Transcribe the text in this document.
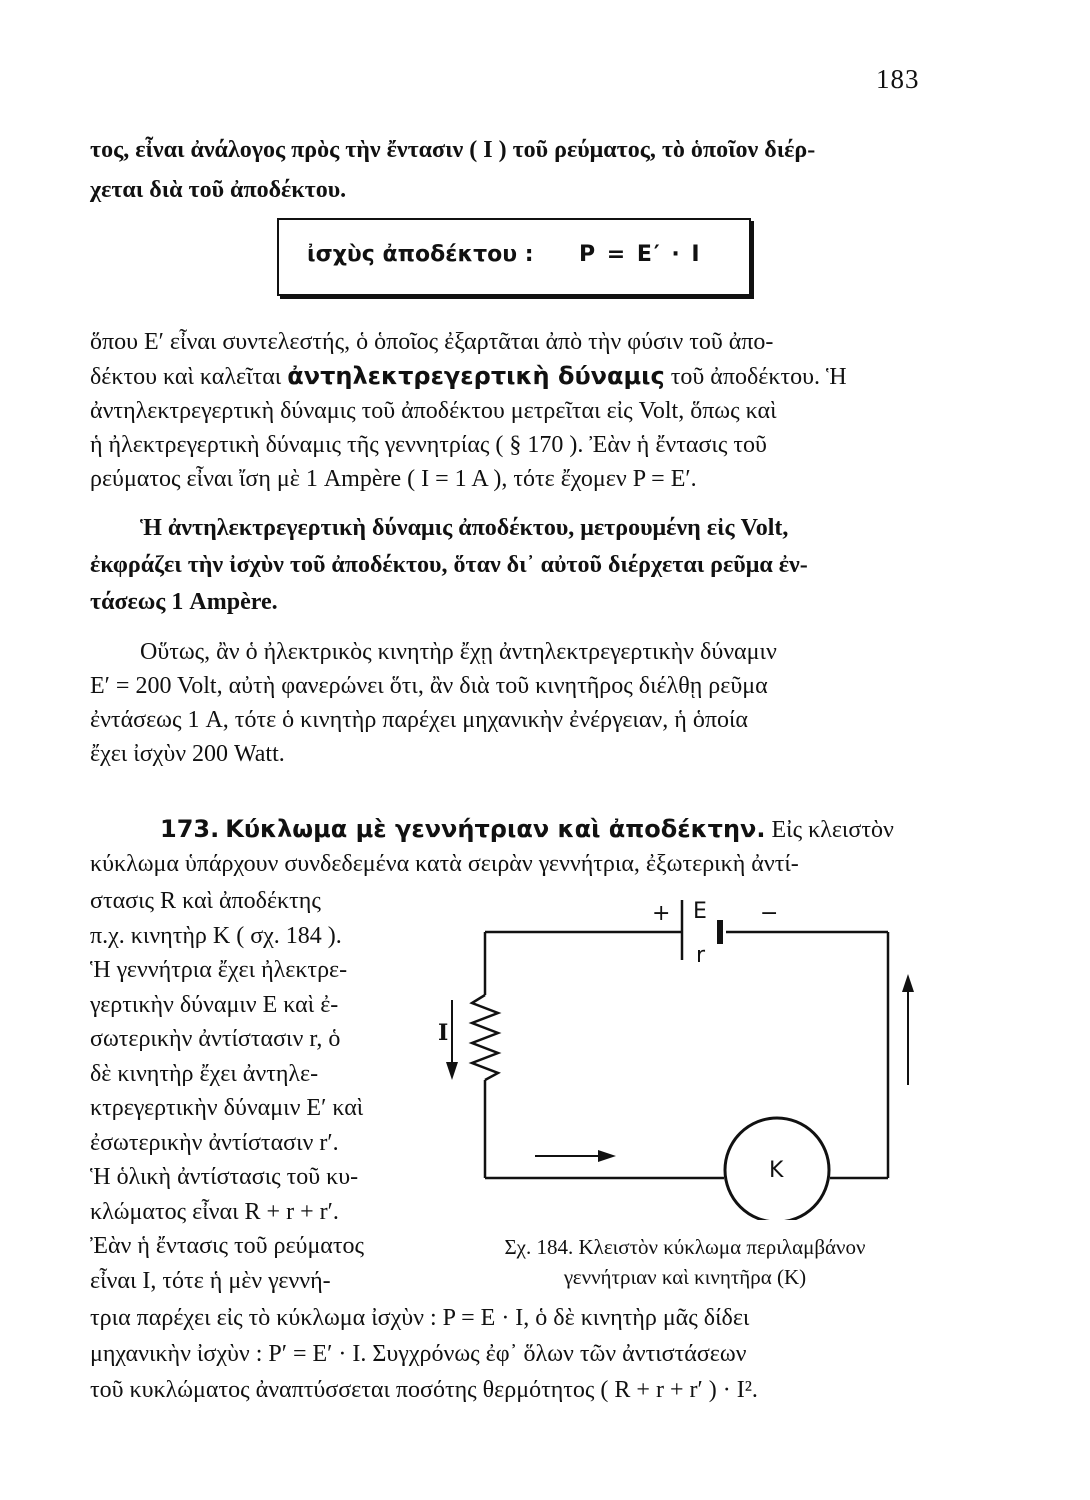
183
τος, εἶναι ἀνάλογος πρὸς τὴν ἔντασιν ( I ) τοῦ ρεύματος, τὸ ὁποῖον διέρ-
χεται διὰ τοῦ ἀποδέκτου.
ἰσχὺς ἀποδέκτου : P = E′ · I
ὅπου E′ εἶναι συντελεστής, ὁ ὁποῖος ἐξαρτᾶται ἀπὸ τὴν φύσιν τοῦ ἀπο-
δέκτου καὶ καλεῖται ἀντηλεκτρεγερτικὴ δύναμις τοῦ ἀποδέκτου. Ἡ
ἀντηλεκτρεγερτικὴ δύναμις τοῦ ἀποδέκτου μετρεῖται εἰς Volt, ὅπως καὶ
ἡ ἠλεκτρεγερτικὴ δύναμις τῆς γεννητρίας ( § 170 ). Ἐὰν ἡ ἔντασις τοῦ
ρεύματος εἶναι ἴση μὲ 1 Ampère ( I = 1 A ), τότε ἔχομεν P = E′.
Ἡ ἀντηλεκτρεγερτικὴ δύναμις ἀποδέκτου, μετρουμένη εἰς Volt,
ἐκφράζει τὴν ἰσχὺν τοῦ ἀποδέκτου, ὅταν δι᾽ αὐτοῦ διέρχεται ρεῦμα ἐν-
τάσεως 1 Ampère.
Οὕτως, ἂν ὁ ἠλεκτρικὸς κινητὴρ ἔχῃ ἀντηλεκτρεγερτικὴν δύναμιν
E′ = 200 Volt, αὐτὴ φανερώνει ὅτι, ἂν διὰ τοῦ κινητῆρος διέλθῃ ρεῦμα
ἐντάσεως 1 A, τότε ὁ κινητὴρ παρέχει μηχανικὴν ἐνέργειαν, ἡ ὁποία
ἔχει ἰσχὺν 200 Watt.
173. Κύκλωμα μὲ γεννήτριαν καὶ ἀποδέκτην. Εἰς κλειστὸν
κύκλωμα ὑπάρχουν συνδεδεμένα κατὰ σειρὰν γεννήτρια, ἐξωτερικὴ ἀντί-
στασις R καὶ ἀποδέκτης
π.χ. κινητὴρ K ( σχ. 184 ).
Ἡ γεννήτρια ἔχει ἠλεκτρε-
γερτικὴν δύναμιν E καὶ ἐ-
σωτερικὴν ἀντίστασιν r, ὁ
δὲ κινητὴρ ἔχει ἀντηλε-
κτρεγερτικὴν δύναμιν E′ καὶ
ἐσωτερικὴν ἀντίστασιν r′.
Ἡ ὁλικὴ ἀντίστασις τοῦ κυ-
κλώματος εἶναι R + r + r′.
Ἐὰν ἡ ἔντασις τοῦ ρεύματος
εἶναι I, τότε ἡ μὲν γεννή-
+	−
E
r
I
K
Σχ. 184. Κλειστὸν κύκλωμα περιλαμβάνον
γεννήτριαν καὶ κινητῆρα (K)
τρια παρέχει εἰς τὸ κύκλωμα ἰσχὺν : P = E · I, ὁ δὲ κινητὴρ μᾶς δίδει
μηχανικὴν ἰσχὺν : P′ = E′ · I. Συγχρόνως ἐφ᾽ ὅλων τῶν ἀντιστάσεων
τοῦ κυκλώματος ἀναπτύσσεται ποσότης θερμότητος ( R + r + r′ ) · I².
